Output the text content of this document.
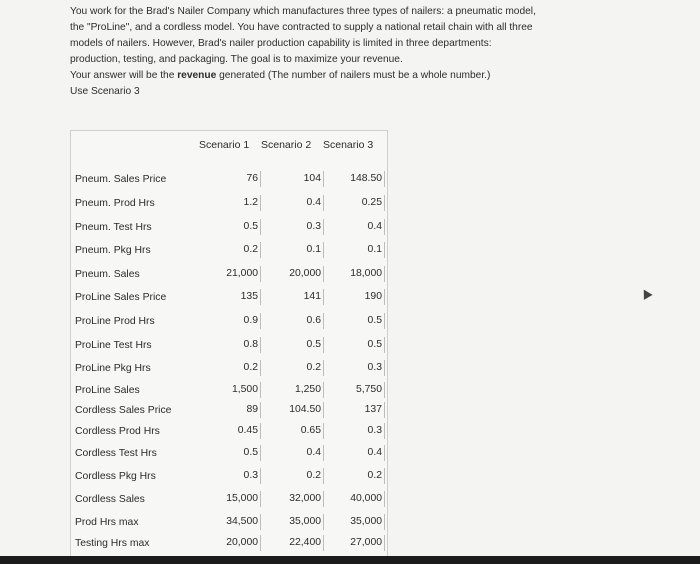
You work for the Brad's Nailer Company which manufactures three types of nailers: a pneumatic model, the "ProLine", and a cordless model. You have contracted to supply a national retail chain with all three models of nailers. However, Brad's nailer production capability is limited in three departments: production, testing, and packaging. The goal is to maximize your revenue.

Your answer will be the revenue generated (The number of nailers must be a whole number.)

Use Scenario 3

Scenario 1 Scenario 2 Scenario 3
Pneum. Sales Price	76	104	148.50
Pneum. Prod Hrs	1.2	0.4	0.25
Pneum. Test Hrs	0.5	0.3	0.4
Pneum. Pkg Hrs	0.2	0.1	0.1
Pneum. Sales	21,000	20,000	18,000
ProLine Sales Price	135	141	190
ProLine Prod Hrs	0.9	0.6	0.5
ProLine Test Hrs	0.8	0.5	0.5
ProLine Pkg Hrs	0.2	0.2	0.3
ProLine Sales	1,500	1,250	5,750
Cordless Sales Price	89	104.50	137
Cordless Prod Hrs	0.45	0.65	0.3
Cordless Test Hrs	0.5	0.4	0.4
Cordless Pkg Hrs	0.3	0.2	0.2
Cordless Sales	15,000	32,000	40,000
Prod Hrs max	34,500	35,000	35,000
Testing Hrs max	20,000	22,400	27,000
